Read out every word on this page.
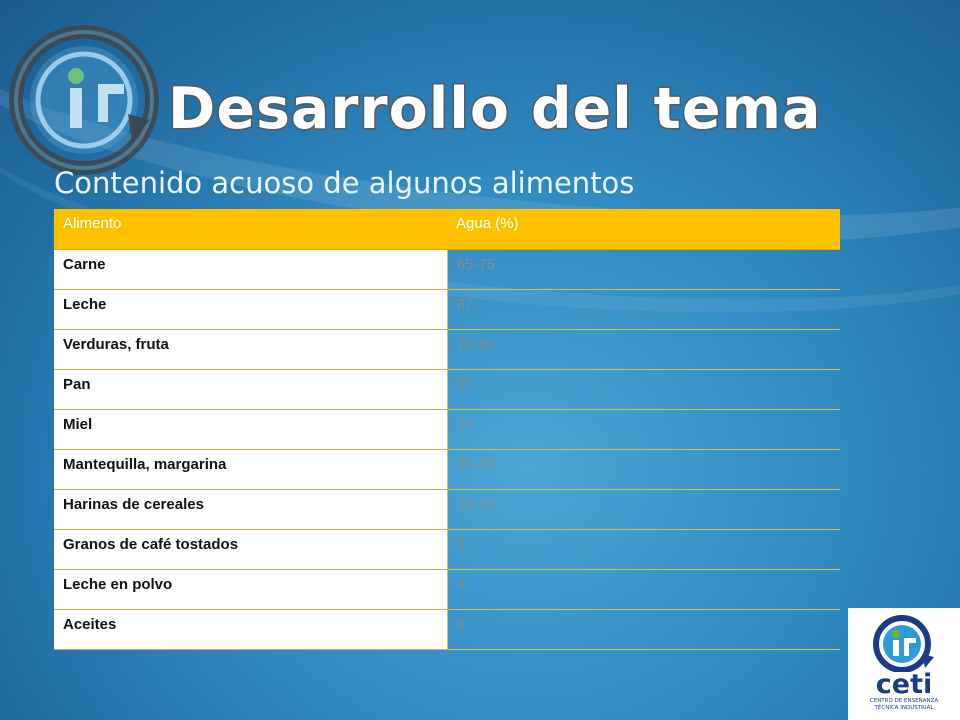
Desarrollo del tema
Contenido acuoso de algunos alimentos
Alimento	Agua (%)
Carne	65-75
Leche	87
Verduras, fruta	70-90
Pan	35
Miel	20
Mantequilla, margarina	16-18
Harinas de cereales	12-14
Granos de café tostados	5
Leche en polvo	4
Aceites	0
ceti
CENTRO DE ENSEÑANZA
TÉCNICA INDUSTRIAL
